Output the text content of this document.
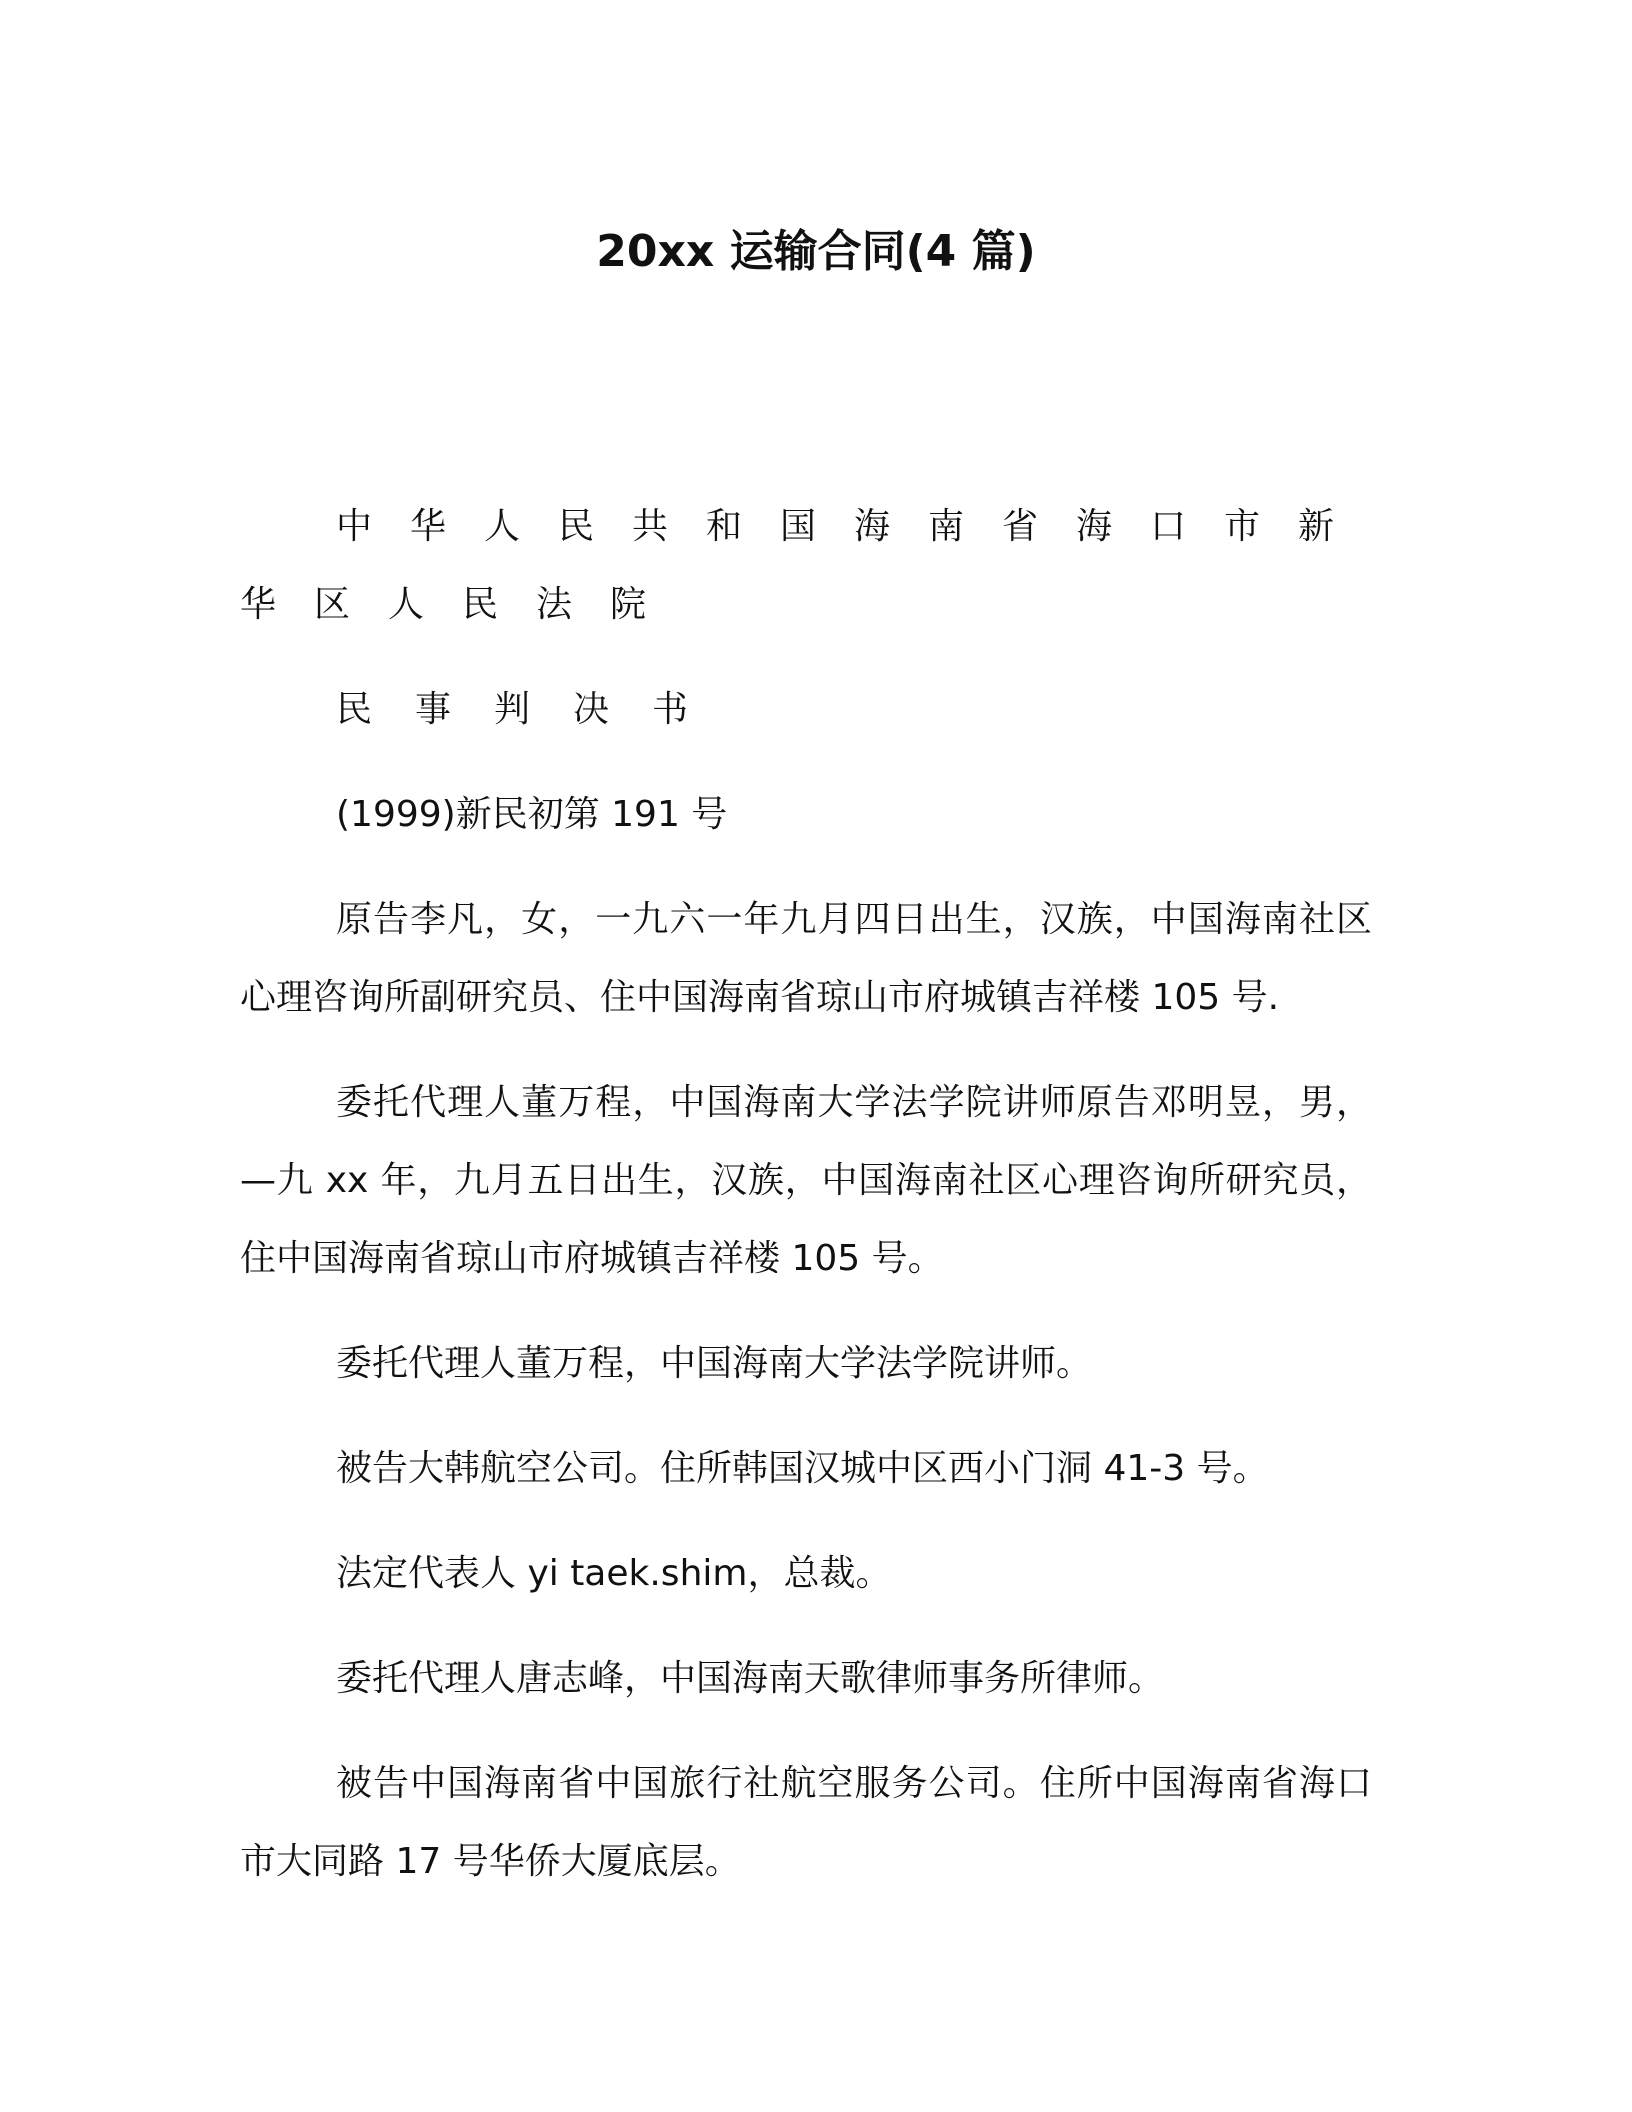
20xx 运输合同(4 篇)

中华人民共和国海南省海口市新华区人民法院

民事判决书

(1999)新民初第 191 号

原告李凡，女，一九六一年九月四日出生，汉族，中国海南社区心理咨询所副研究员、住中国海南省琼山市府城镇吉祥楼 105 号.

委托代理人董万程，中国海南大学法学院讲师原告邓明昱，男，—九 xx 年，九月五日出生，汉族，中国海南社区心理咨询所研究员，住中国海南省琼山市府城镇吉祥楼 105 号。

委托代理人董万程，中国海南大学法学院讲师。

被告大韩航空公司。住所韩国汉城中区西小门洞 41-3 号。

法定代表人 yi taek.shim，总裁。

委托代理人唐志峰，中国海南天歌律师事务所律师。

被告中国海南省中国旅行社航空服务公司。住所中国海南省海口市大同路 17 号华侨大厦底层。
